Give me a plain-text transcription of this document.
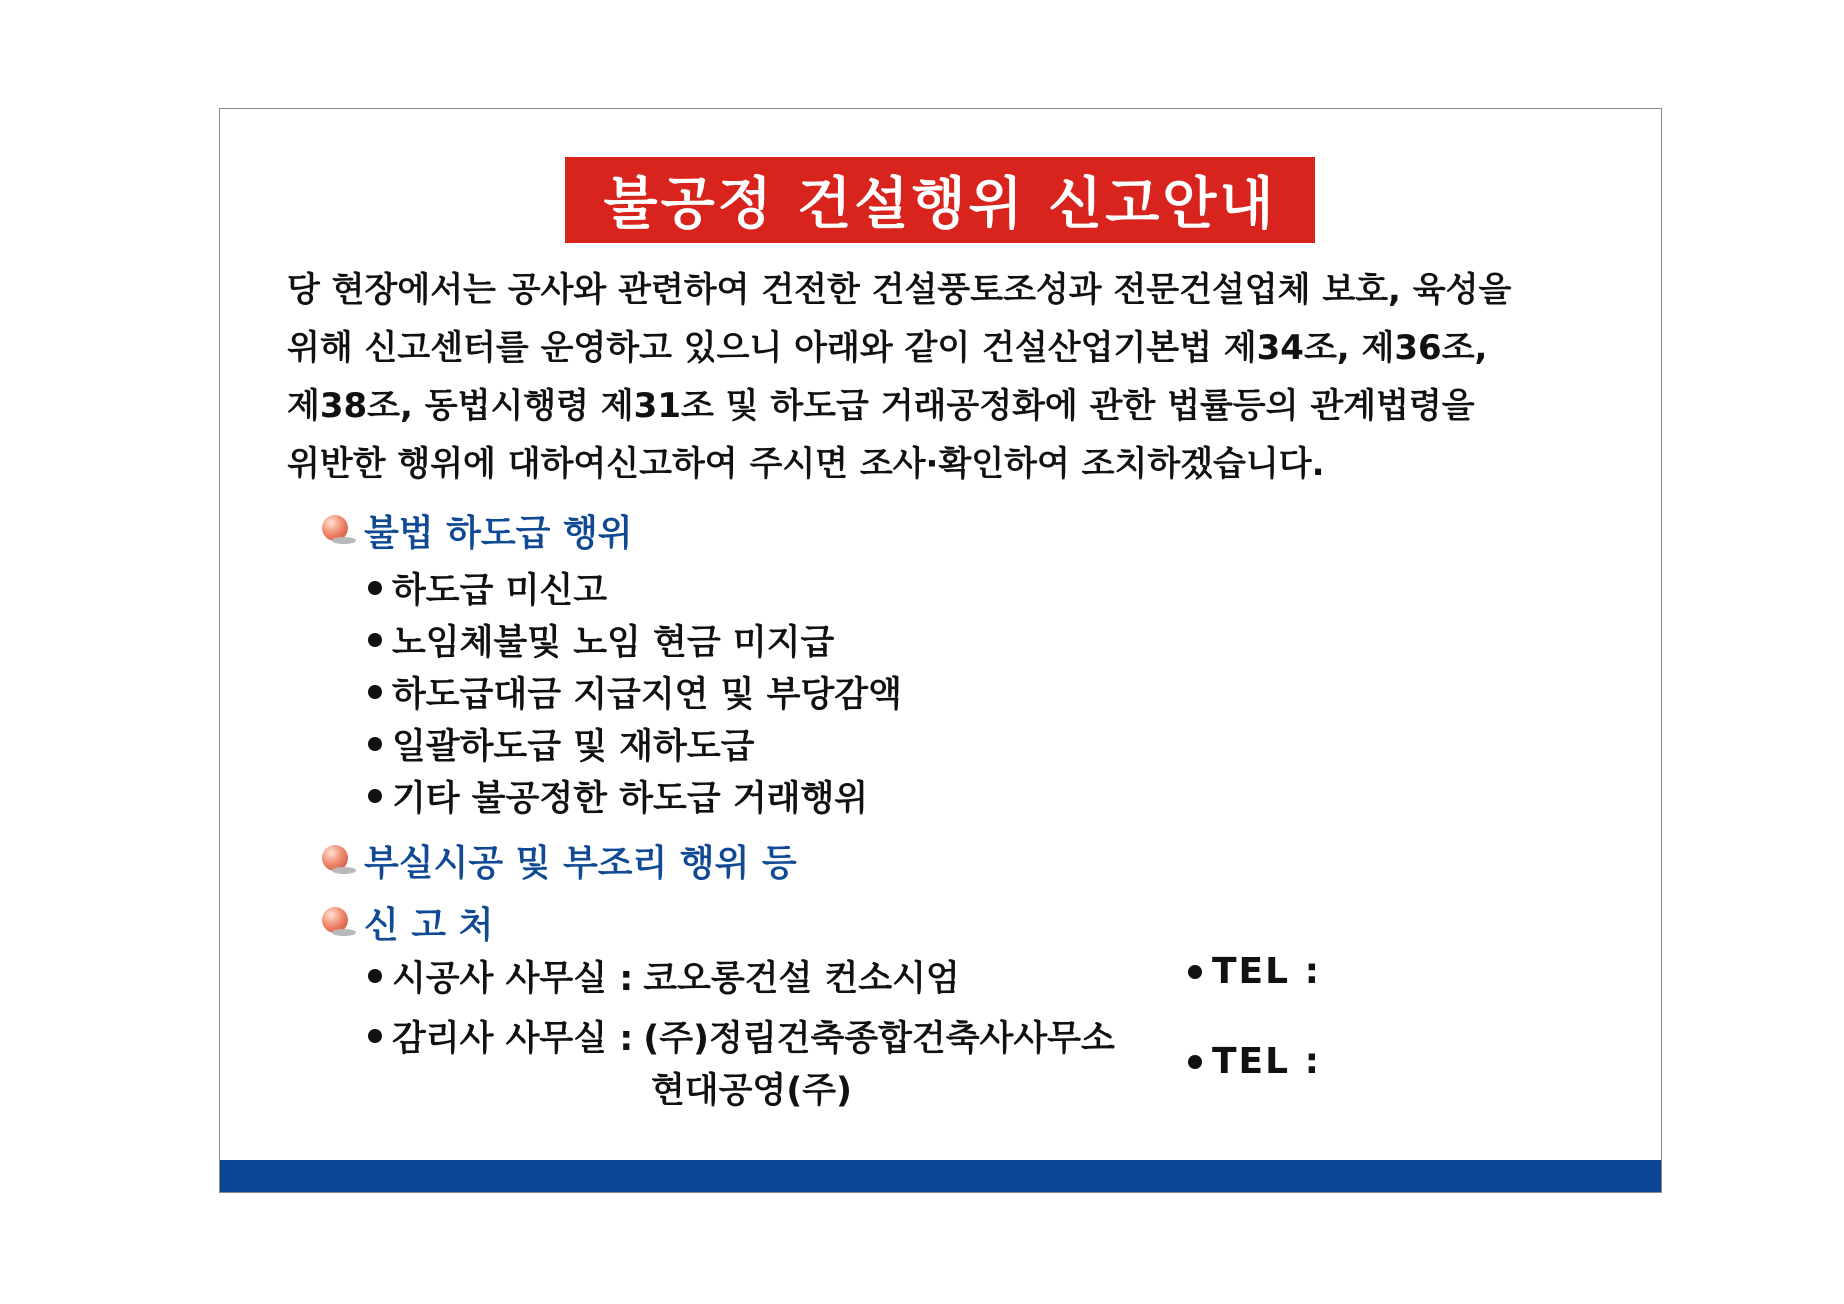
불공정 건설행위 신고안내
당 현장에서는 공사와 관련하여 건전한 건설풍토조성과 전문건설업체 보호, 육성을
위해 신고센터를 운영하고 있으니 아래와 같이 건설산업기본법 제34조, 제36조,
제38조, 동법시행령 제31조 및 하도급 거래공정화에 관한 법률등의 관계법령을
위반한 행위에 대하여신고하여 주시면 조사·확인하여 조치하겠습니다.
불법 하도급 행위
하도급 미신고
노임체불및 노임 현금 미지급
하도급대금 지급지연 및 부당감액
일괄하도급 및 재하도급
기타 불공정한 하도급 거래행위
부실시공 및 부조리 행위 등
신 고 처
시공사 사무실 : 코오롱건설 컨소시엄	TEL :
감리사 사무실 : (주)정림건축종합건축사사무소
현대공영(주)
TEL :
